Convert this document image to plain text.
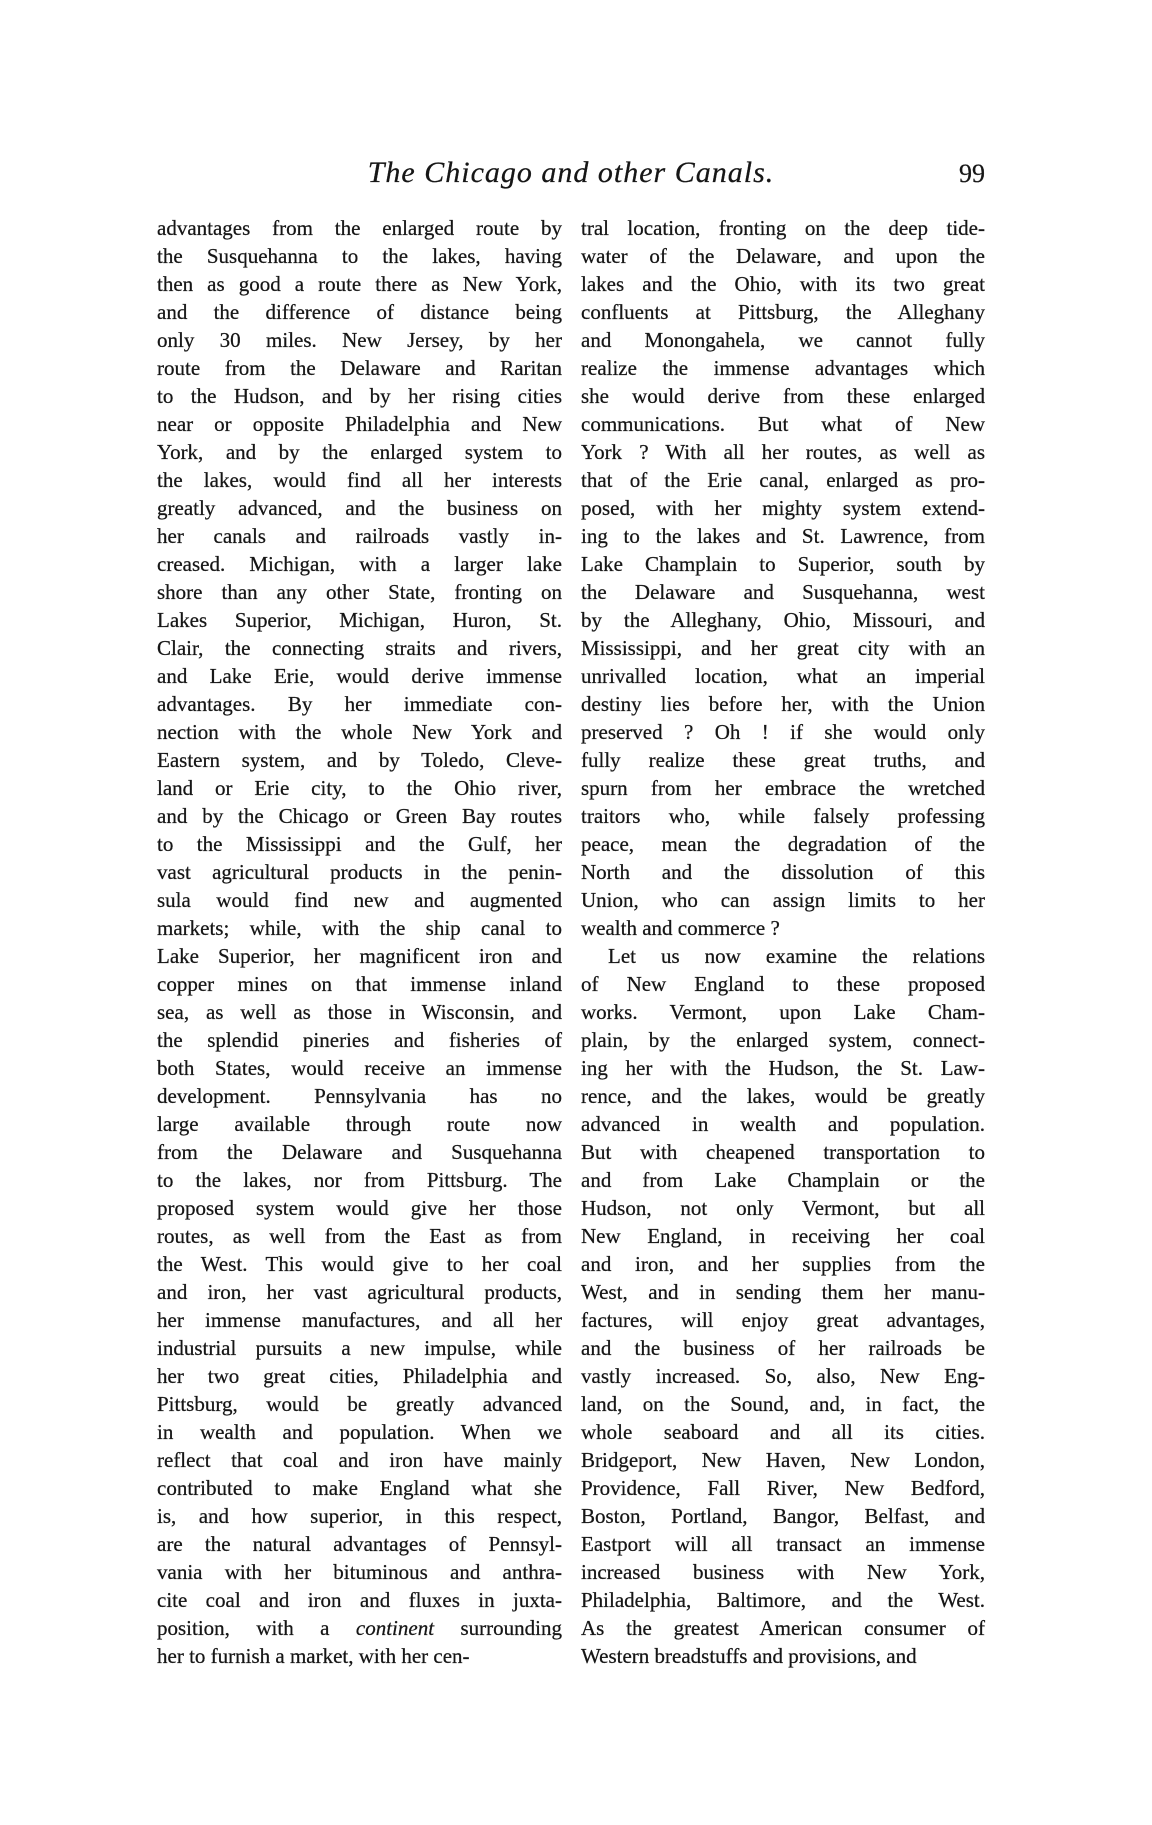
The Chicago and other Canals.	99
advantages from the enlarged route by
the Susquehanna to the lakes, having
then as good a route there as New York,
and the difference of distance being
only 30 miles. New Jersey, by her
route from the Delaware and Raritan
to the Hudson, and by her rising cities
near or opposite Philadelphia and New
York, and by the enlarged system to
the lakes, would find all her interests
greatly advanced, and the business on
her canals and railroads vastly in-
creased. Michigan, with a larger lake
shore than any other State, fronting on
Lakes Superior, Michigan, Huron, St.
Clair, the connecting straits and rivers,
and Lake Erie, would derive immense
advantages. By her immediate con-
nection with the whole New York and
Eastern system, and by Toledo, Cleve-
land or Erie city, to the Ohio river,
and by the Chicago or Green Bay routes
to the Mississippi and the Gulf, her
vast agricultural products in the penin-
sula would find new and augmented
markets; while, with the ship canal to
Lake Superior, her magnificent iron and
copper mines on that immense inland
sea, as well as those in Wisconsin, and
the splendid pineries and fisheries of
both States, would receive an immense
development. Pennsylvania has no
large available through route now
from the Delaware and Susquehanna
to the lakes, nor from Pittsburg. The
proposed system would give her those
routes, as well from the East as from
the West. This would give to her coal
and iron, her vast agricultural products,
her immense manufactures, and all her
industrial pursuits a new impulse, while
her two great cities, Philadelphia and
Pittsburg, would be greatly advanced
in wealth and population. When we
reflect that coal and iron have mainly
contributed to make England what she
is, and how superior, in this respect,
are the natural advantages of Pennsyl-
vania with her bituminous and anthra-
cite coal and iron and fluxes in juxta-
position, with a continent surrounding
her to furnish a market, with her cen-
tral location, fronting on the deep tide-
water of the Delaware, and upon the
lakes and the Ohio, with its two great
confluents at Pittsburg, the Alleghany
and Monongahela, we cannot fully
realize the immense advantages which
she would derive from these enlarged
communications. But what of New
York ? With all her routes, as well as
that of the Erie canal, enlarged as pro-
posed, with her mighty system extend-
ing to the lakes and St. Lawrence, from
Lake Champlain to Superior, south by
the Delaware and Susquehanna, west
by the Alleghany, Ohio, Missouri, and
Mississippi, and her great city with an
unrivalled location, what an imperial
destiny lies before her, with the Union
preserved ? Oh ! if she would only
fully realize these great truths, and
spurn from her embrace the wretched
traitors who, while falsely professing
peace, mean the degradation of the
North and the dissolution of this
Union, who can assign limits to her
wealth and commerce ?
Let us now examine the relations
of New England to these proposed
works. Vermont, upon Lake Cham-
plain, by the enlarged system, connect-
ing her with the Hudson, the St. Law-
rence, and the lakes, would be greatly
advanced in wealth and population.
But with cheapened transportation to
and from Lake Champlain or the
Hudson, not only Vermont, but all
New England, in receiving her coal
and iron, and her supplies from the
West, and in sending them her manu-
factures, will enjoy great advantages,
and the business of her railroads be
vastly increased. So, also, New Eng-
land, on the Sound, and, in fact, the
whole seaboard and all its cities.
Bridgeport, New Haven, New London,
Providence, Fall River, New Bedford,
Boston, Portland, Bangor, Belfast, and
Eastport will all transact an immense
increased business with New York,
Philadelphia, Baltimore, and the West.
As the greatest American consumer of
Western breadstuffs and provisions, and
